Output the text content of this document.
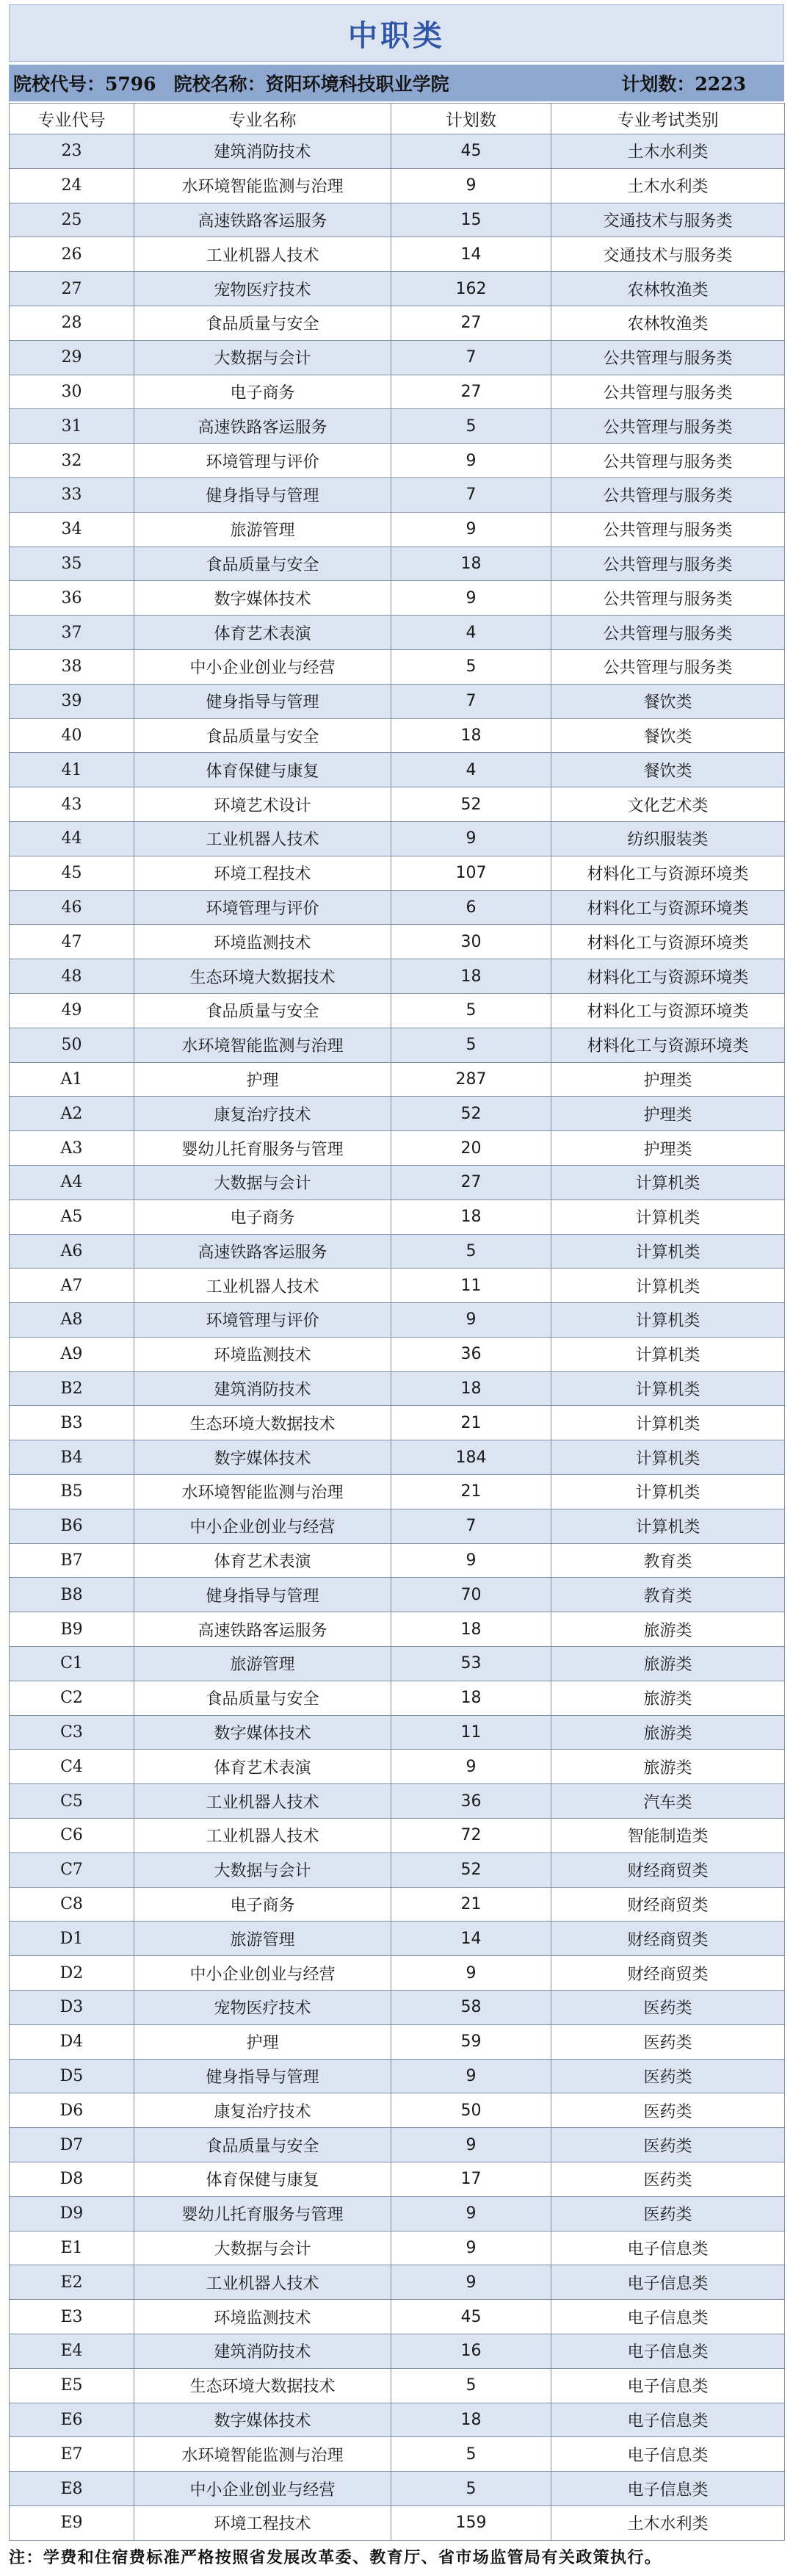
中职类
院校代号：5796 院校名称：资阳环境科技职业学院	计划数：2223
专业代号	专业名称	计划数	专业考试类别
23	建筑消防技术	45	土木水利类
24	水环境智能监测与治理	9	土木水利类
25	高速铁路客运服务	15	交通技术与服务类
26	工业机器人技术	14	交通技术与服务类
27	宠物医疗技术	162	农林牧渔类
28	食品质量与安全	27	农林牧渔类
29	大数据与会计	7	公共管理与服务类
30	电子商务	27	公共管理与服务类
31	高速铁路客运服务	5	公共管理与服务类
32	环境管理与评价	9	公共管理与服务类
33	健身指导与管理	7	公共管理与服务类
34	旅游管理	9	公共管理与服务类
35	食品质量与安全	18	公共管理与服务类
36	数字媒体技术	9	公共管理与服务类
37	体育艺术表演	4	公共管理与服务类
38	中小企业创业与经营	5	公共管理与服务类
39	健身指导与管理	7	餐饮类
40	食品质量与安全	18	餐饮类
41	体育保健与康复	4	餐饮类
43	环境艺术设计	52	文化艺术类
44	工业机器人技术	9	纺织服装类
45	环境工程技术	107	材料化工与资源环境类
46	环境管理与评价	6	材料化工与资源环境类
47	环境监测技术	30	材料化工与资源环境类
48	生态环境大数据技术	18	材料化工与资源环境类
49	食品质量与安全	5	材料化工与资源环境类
50	水环境智能监测与治理	5	材料化工与资源环境类
A1	护理	287	护理类
A2	康复治疗技术	52	护理类
A3	婴幼儿托育服务与管理	20	护理类
A4	大数据与会计	27	计算机类
A5	电子商务	18	计算机类
A6	高速铁路客运服务	5	计算机类
A7	工业机器人技术	11	计算机类
A8	环境管理与评价	9	计算机类
A9	环境监测技术	36	计算机类
B2	建筑消防技术	18	计算机类
B3	生态环境大数据技术	21	计算机类
B4	数字媒体技术	184	计算机类
B5	水环境智能监测与治理	21	计算机类
B6	中小企业创业与经营	7	计算机类
B7	体育艺术表演	9	教育类
B8	健身指导与管理	70	教育类
B9	高速铁路客运服务	18	旅游类
C1	旅游管理	53	旅游类
C2	食品质量与安全	18	旅游类
C3	数字媒体技术	11	旅游类
C4	体育艺术表演	9	旅游类
C5	工业机器人技术	36	汽车类
C6	工业机器人技术	72	智能制造类
C7	大数据与会计	52	财经商贸类
C8	电子商务	21	财经商贸类
D1	旅游管理	14	财经商贸类
D2	中小企业创业与经营	9	财经商贸类
D3	宠物医疗技术	58	医药类
D4	护理	59	医药类
D5	健身指导与管理	9	医药类
D6	康复治疗技术	50	医药类
D7	食品质量与安全	9	医药类
D8	体育保健与康复	17	医药类
D9	婴幼儿托育服务与管理	9	医药类
E1	大数据与会计	9	电子信息类
E2	工业机器人技术	9	电子信息类
E3	环境监测技术	45	电子信息类
E4	建筑消防技术	16	电子信息类
E5	生态环境大数据技术	5	电子信息类
E6	数字媒体技术	18	电子信息类
E7	水环境智能监测与治理	5	电子信息类
E8	中小企业创业与经营	5	电子信息类
E9	环境工程技术	159	土木水利类
注：学费和住宿费标准严格按照省发展改革委、教育厅、省市场监管局有关政策执行。
